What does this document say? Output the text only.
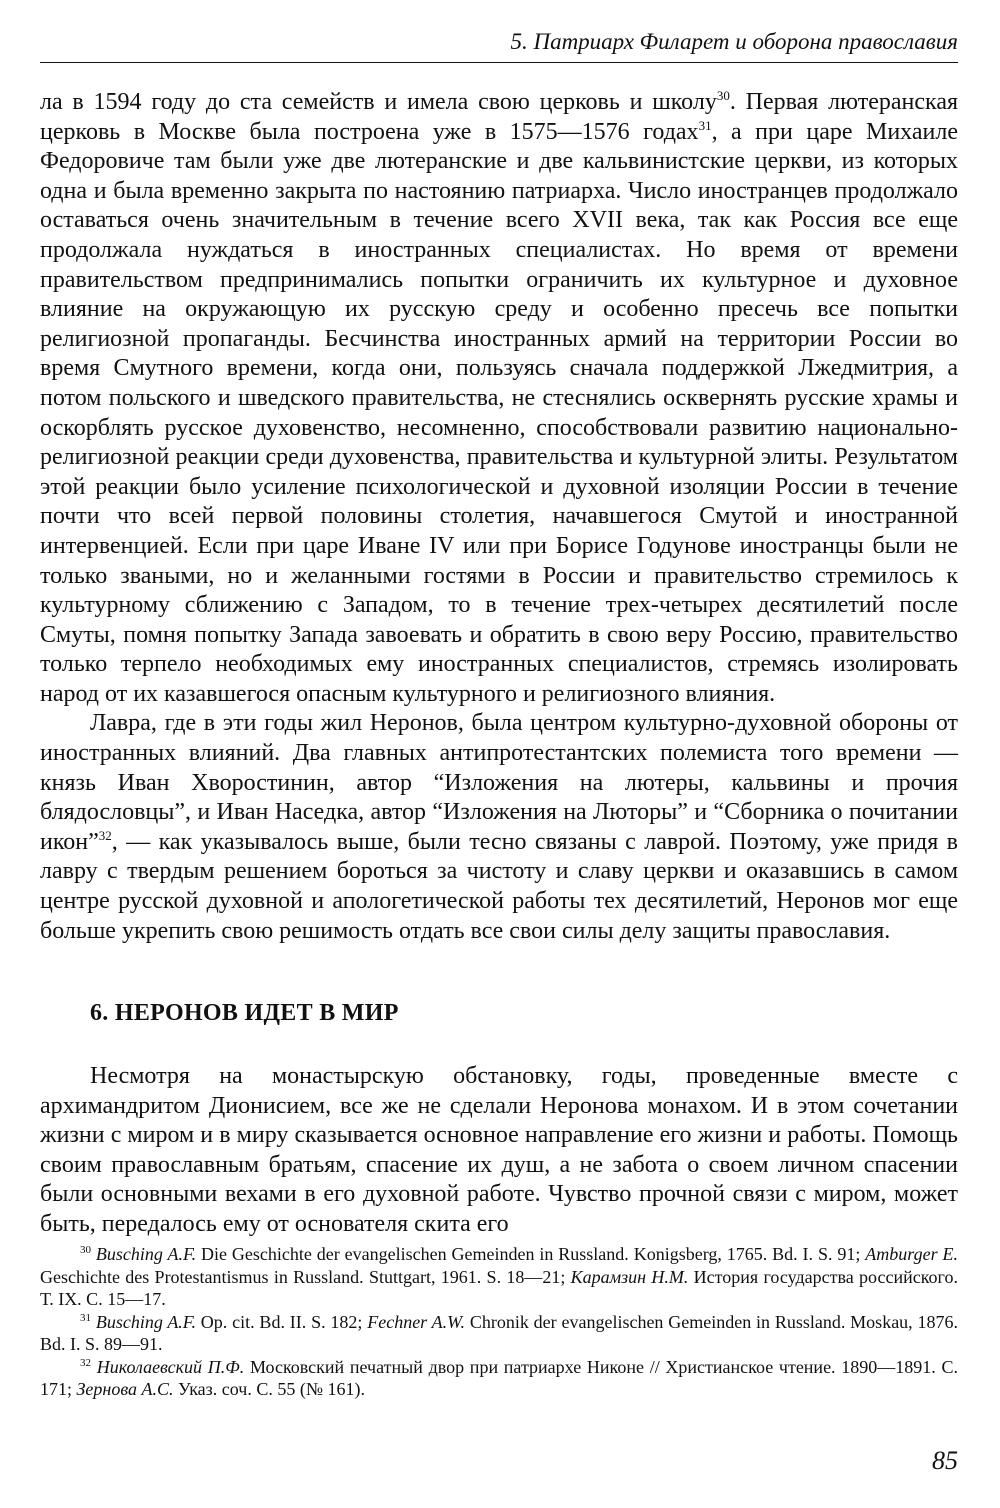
5. Патриарх Филарет и оборона православия

ла в 1594 году до ста семейств и имела свою церковь и школу$^{30}$. Первая лютеранская церковь в Москве была построена уже в 1575—1576 годах$^{31}$, а при царе Михаиле Федоровиче там были уже две лютеранские и две кальвинистские церкви, из которых одна и была временно закрыта по настоянию патриарха. Число иностранцев продолжало оставаться очень значительным в течение всего XVII века, так как Россия все еще продолжала нуждаться в иностранных специалистах. Но время от времени правительством предпринимались попытки ограничить их культурное и духовное влияние на окружающую их русскую среду и особенно пресечь все попытки религиозной пропаганды. Бесчинства иностранных армий на территории России во время Смутного времени, когда они, пользуясь сначала поддержкой Лжедмитрия, а потом польского и шведского правительства, не стеснялись осквернять русские храмы и оскорблять русское духовенство, несомненно, способствовали развитию национально-религиозной реакции среди духовенства, правительства и культурной элиты. Результатом этой реакции было усиление психологической и духовной изоляции России в течение почти что всей первой половины столетия, начавшегося Смутой и иностранной интервенцией. Если при царе Иване IV или при Борисе Годунове иностранцы были не только зваными, но и желанными гостями в России и правительство стремилось к культурному сближению с Западом, то в течение трех-четырех десятилетий после Смуты, помня попытку Запада завоевать и обратить в свою веру Россию, правительство только терпело необходимых ему иностранных специалистов, стремясь изолировать народ от их казавшегося опасным культурного и религиозного влияния.

Лавра, где в эти годы жил Неронов, была центром культурно-духовной обороны от иностранных влияний. Два главных антипротестантских полемиста того времени — князь Иван Хворостинин, автор “Изложения на лютеры, кальвины и прочия блядословцы”, и Иван Наседка, автор “Изложения на Люторы” и “Сборника о почитании икон”$^{32}$, — как указывалось выше, были тесно связаны с лаврой. Поэтому, уже придя в лавру с твердым решением бороться за чистоту и славу церкви и оказавшись в самом центре русской духовной и апологетической работы тех десятилетий, Неронов мог еще больше укрепить свою решимость отдать все свои силы делу защиты православия.

6. НЕРОНОВ ИДЕТ В МИР

Несмотря на монастырскую обстановку, годы, проведенные вместе с архимандритом Дионисием, все же не сделали Неронова монахом. И в этом сочетании жизни с миром и в миру сказывается основное направление его жизни и работы. Помощь своим православным братьям, спасение их душ, а не забота о своем личном спасении были основными вехами в его духовной работе. Чувство прочной связи с миром, может быть, передалось ему от основателя скита его

$^{30}$ Busching A.F. Die Geschichte der evangelischen Gemeinden in Russland. Konigsberg, 1765. Bd. I. S. 91; Amburger E. Geschichte des Protestantismus in Russland. Stuttgart, 1961. S. 18—21; Карамзин Н.М. История государства российского. Т. IX. С. 15—17.

$^{31}$ Busching A.F. Op. cit. Bd. II. S. 182; Fechner A.W. Chronik der evangelischen Gemeinden in Russland. Moskau, 1876. Bd. I. S. 89—91.

$^{32}$ Николаевский П.Ф. Московский печатный двор при патриархе Никоне // Христианское чтение. 1890—1891. С. 171; Зернова А.С. Указ. соч. С. 55 (№ 161).

85
